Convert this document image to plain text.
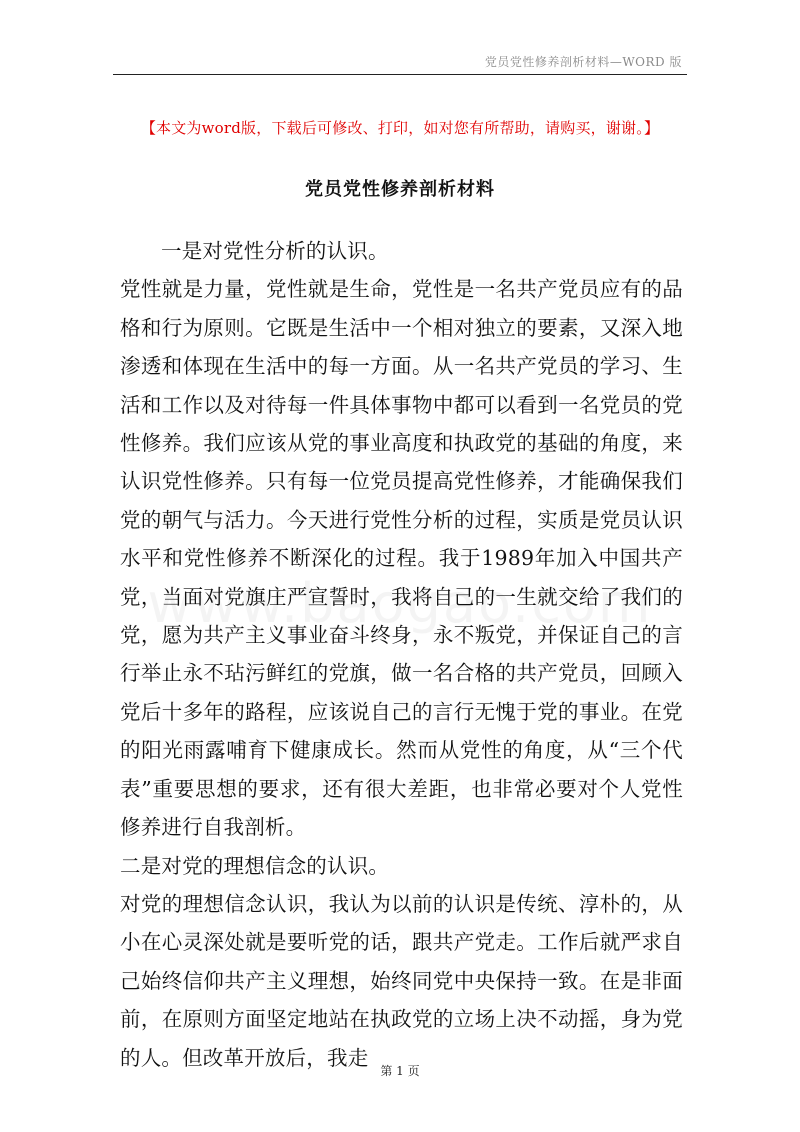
党员党性修养剖析材料—WORD 版
【本文为word版，下载后可修改、打印，如对您有所帮助，请购买，谢谢。】
党员党性修养剖析材料

一是对党性分析的认识。

党性就是力量，党性就是生命，党性是一名共产党员应有的品格和行为原则。它既是生活中一个相对独立的要素，又深入地渗透和体现在生活中的每一方面。从一名共产党员的学习、生活和工作以及对待每一件具体事物中都可以看到一名党员的党性修养。我们应该从党的事业高度和执政党的基础的角度，来认识党性修养。只有每一位党员提高党性修养，才能确保我们党的朝气与活力。今天进行党性分析的过程，实质是党员认识水平和党性修养不断深化的过程。我于1989年加入中国共产党，当面对党旗庄严宣誓时，我将自己的一生就交给了我们的党，愿为共产主义事业奋斗终身，永不叛党，并保证自己的言行举止永不玷污鲜红的党旗，做一名合格的共产党员，回顾入党后十多年的路程，应该说自己的言行无愧于党的事业。在党的阳光雨露哺育下健康成长。然而从党性的角度，从“三个代表”重要思想的要求，还有很大差距，也非常必要对个人党性修养进行自我剖析。

二是对党的理想信念的认识。

对党的理想信念认识，我认为以前的认识是传统、淳朴的，从小在心灵深处就是要听党的话，跟共产党走。工作后就严求自己始终信仰共产主义理想，始终同党中央保持一致。在是非面前，在原则方面坚定地站在执政党的立场上决不动摇，身为党的人。但改革开放后，我走

第 1 页
